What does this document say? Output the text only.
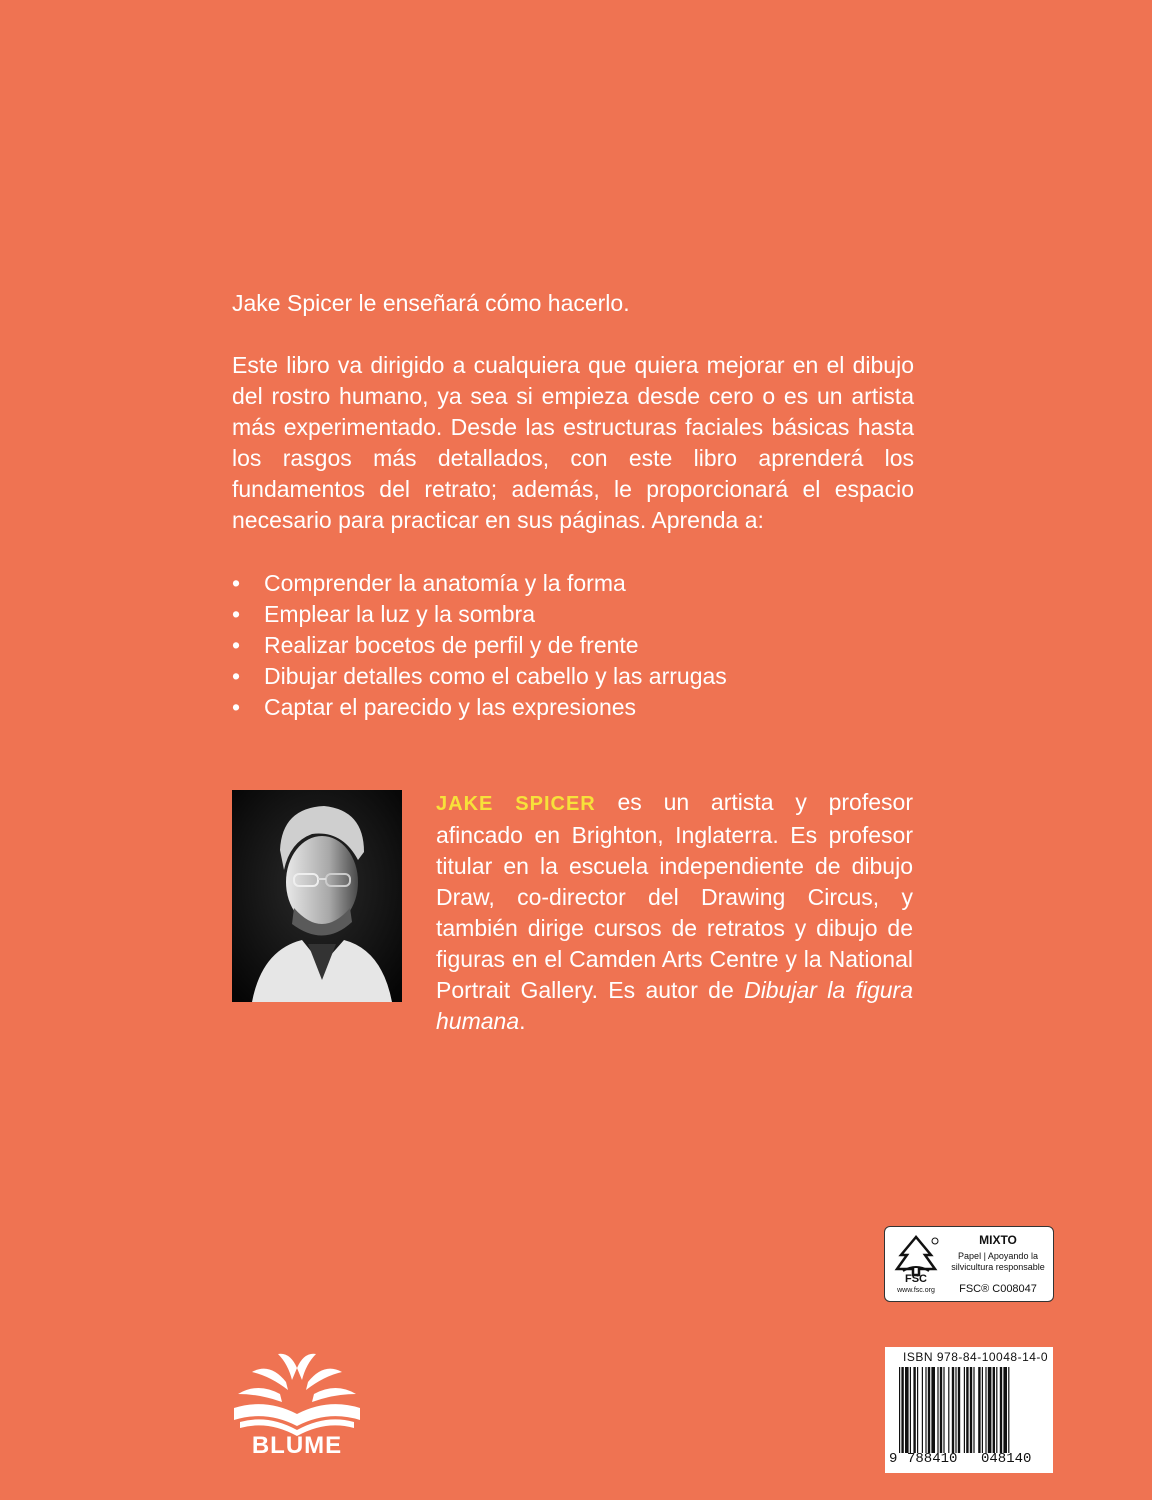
Jake Spicer le enseñará cómo hacerlo.

Este libro va dirigido a cualquiera que quiera mejorar en el dibujo del rostro humano, ya sea si empieza desde cero o es un artista más experimentado. Desde las estructuras faciales básicas hasta los rasgos más detallados, con este libro aprenderá los fundamentos del retrato; además, le proporcionará el espacio necesario para practicar en sus páginas. Aprenda a:

• Comprender la anatomía y la forma
• Emplear la luz y la sombra
• Realizar bocetos de perfil y de frente
• Dibujar detalles como el cabello y las arrugas
• Captar el parecido y las expresiones

JAKE SPICER es un artista y profesor afincado en Brighton, Inglaterra. Es profesor titular en la escuela independiente de dibujo Draw, co-director del Drawing Circus, y también dirige cursos de retratos y dibujo de figuras en el Camden Arts Centre y la National Portrait Gallery. Es autor de Dibujar la figura humana.

FSC
www.fsc.org
MIXTO
Papel | Apoyando la silvicultura responsable
FSC® C008047
ISBN 978-84-10048-14-0
9 788410 048140
BLUME
